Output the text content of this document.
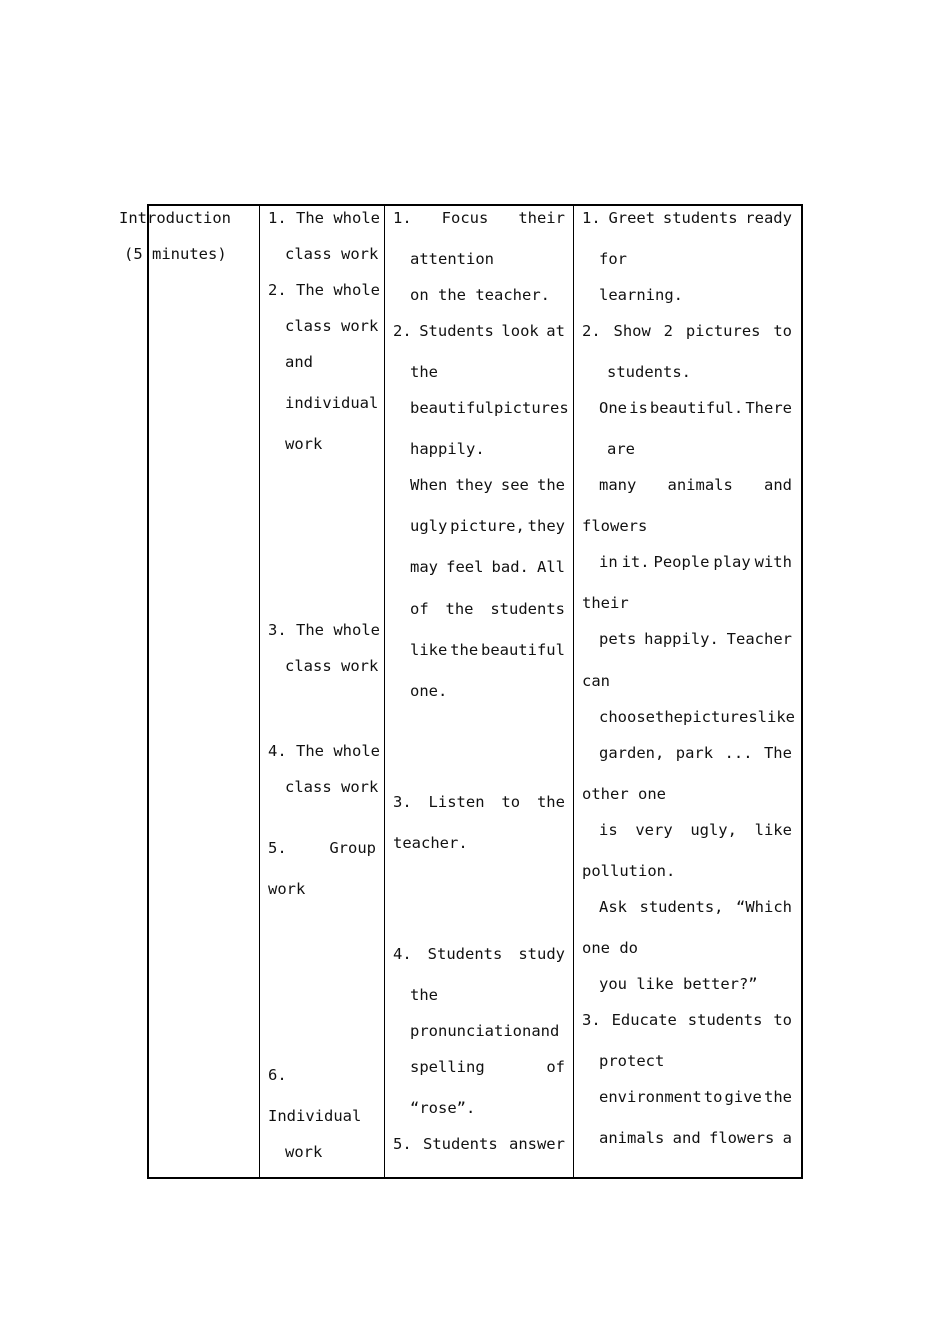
Introduction
(5 minutes)
1. The whole
class work
2. The whole
class work
and
individual
work
3. The whole
class work
4. The whole
class work
5.	Group
work
6.
Individual
work
1. Focus their
attention
on the teacher.
2. Students look at
the
beautiful pictures
happily.
When they see the
ugly picture, they
may feel bad. All
of the students
like the beautiful
one.
3. Listen to the
teacher.
4. Students study
the
pronunciation and
spelling	of
“rose”.
5. Students answer
1. Greet students ready
for
learning.
2. Show 2 pictures to
students.
One is beautiful. There
are
many animals and
flowers
in it. People play with
their
pets happily. Teacher
can
choose the pictures like
garden, park ... The
other one
is very ugly, like
pollution.
Ask students, “Which
one do
you like better?”
3. Educate students to
protect
environment to give the
animals and flowers a
